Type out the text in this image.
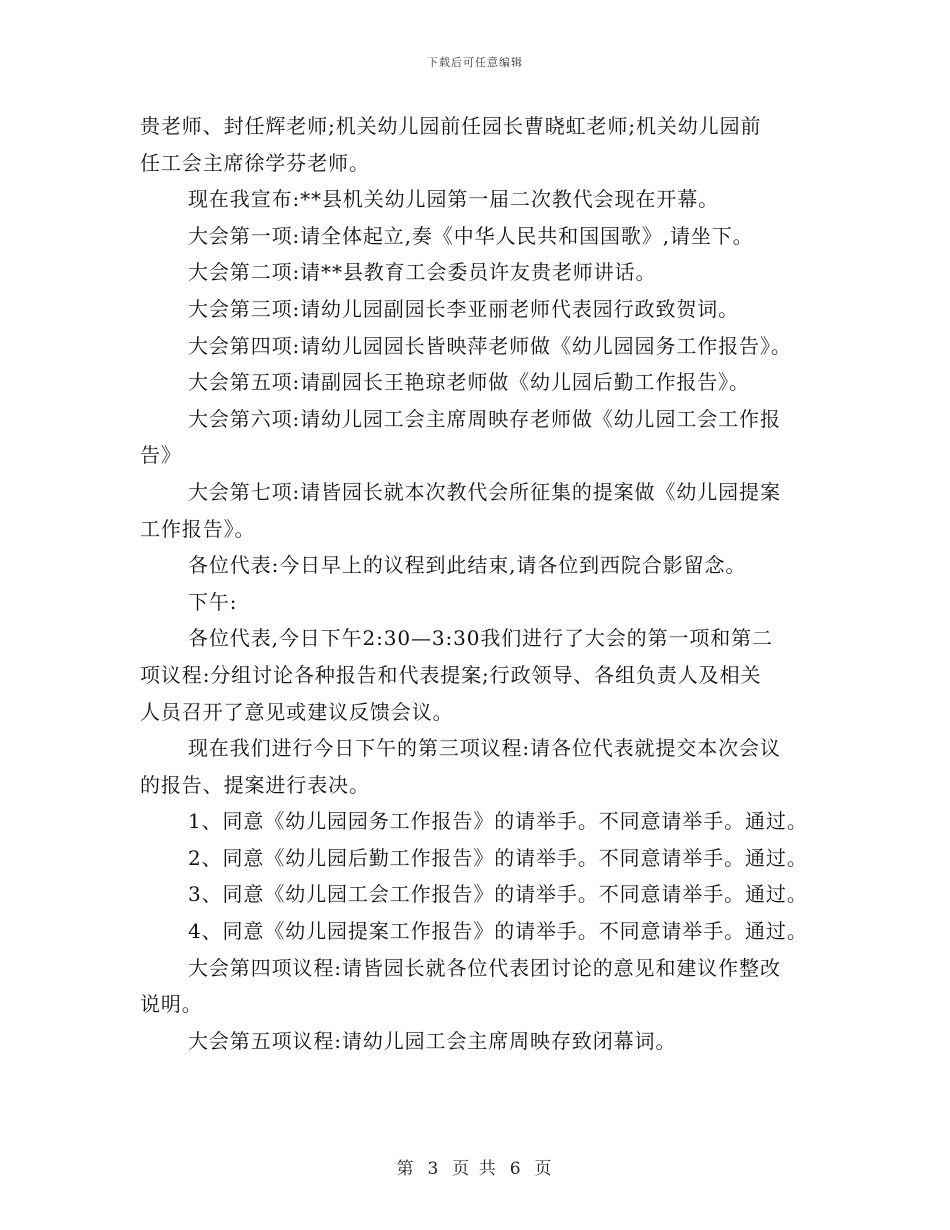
下载后可任意编辑

贵老师、封任辉老师;机关幼儿园前任园长曹晓虹老师;机关幼儿园前

任工会主席徐学芬老师。

现在我宣布:**县机关幼儿园第一届二次教代会现在开幕。

大会第一项:请全体起立,奏《中华人民共和国国歌》,请坐下。

大会第二项:请**县教育工会委员许友贵老师讲话。

大会第三项:请幼儿园副园长李亚丽老师代表园行政致贺词。

大会第四项:请幼儿园园长皆映萍老师做《幼儿园园务工作报告》。

大会第五项:请副园长王艳琼老师做《幼儿园后勤工作报告》。

大会第六项:请幼儿园工会主席周映存老师做《幼儿园工会工作报

告》

大会第七项:请皆园长就本次教代会所征集的提案做《幼儿园提案

工作报告》。

各位代表:今日早上的议程到此结束,请各位到西院合影留念。

下午:

各位代表,今日下午2:30—3:30我们进行了大会的第一项和第二

项议程:分组讨论各种报告和代表提案;行政领导、各组负责人及相关

人员召开了意见或建议反馈会议。

现在我们进行今日下午的第三项议程:请各位代表就提交本次会议

的报告、提案进行表决。

1、同意《幼儿园园务工作报告》的请举手。不同意请举手。通过。

2、同意《幼儿园后勤工作报告》的请举手。不同意请举手。通过。

3、同意《幼儿园工会工作报告》的请举手。不同意请举手。通过。

4、同意《幼儿园提案工作报告》的请举手。不同意请举手。通过。

大会第四项议程:请皆园长就各位代表团讨论的意见和建议作整改

说明。

大会第五项议程:请幼儿园工会主席周映存致闭幕词。

第 3 页 共 6 页
